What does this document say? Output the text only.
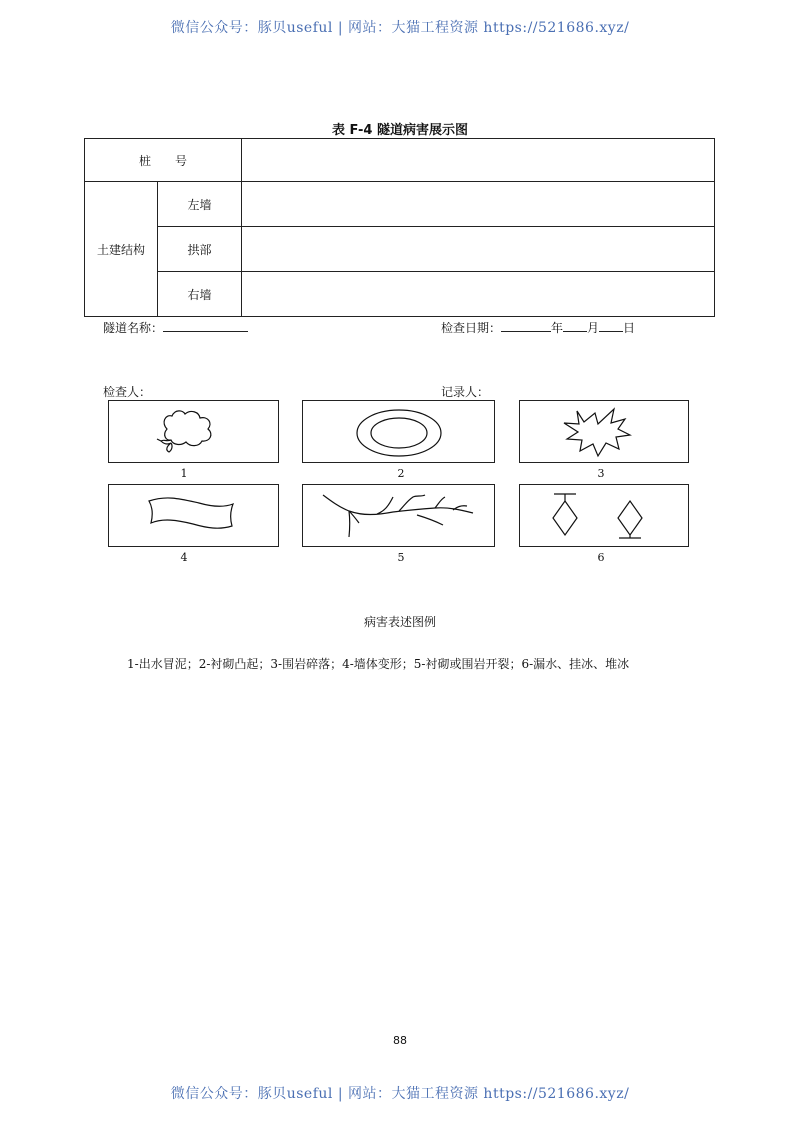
微信公众号：豚贝useful | 网站：大猫工程资源 https://521686.xyz/
表 F-4 隧道病害展示图
桩　　号		
土建结构	左墙	
	拱部	
	右墙	
隧道名称：	检查日期：	年 月 日
检查人：	记录人：
1	2	3
4	5	6
病害表述图例
1-出水冒泥；2-衬砌凸起；3-围岩碎落；4-墙体变形；5-衬砌或围岩开裂；6-漏水、挂冰、堆冰
88
微信公众号：豚贝useful | 网站：大猫工程资源 https://521686.xyz/
